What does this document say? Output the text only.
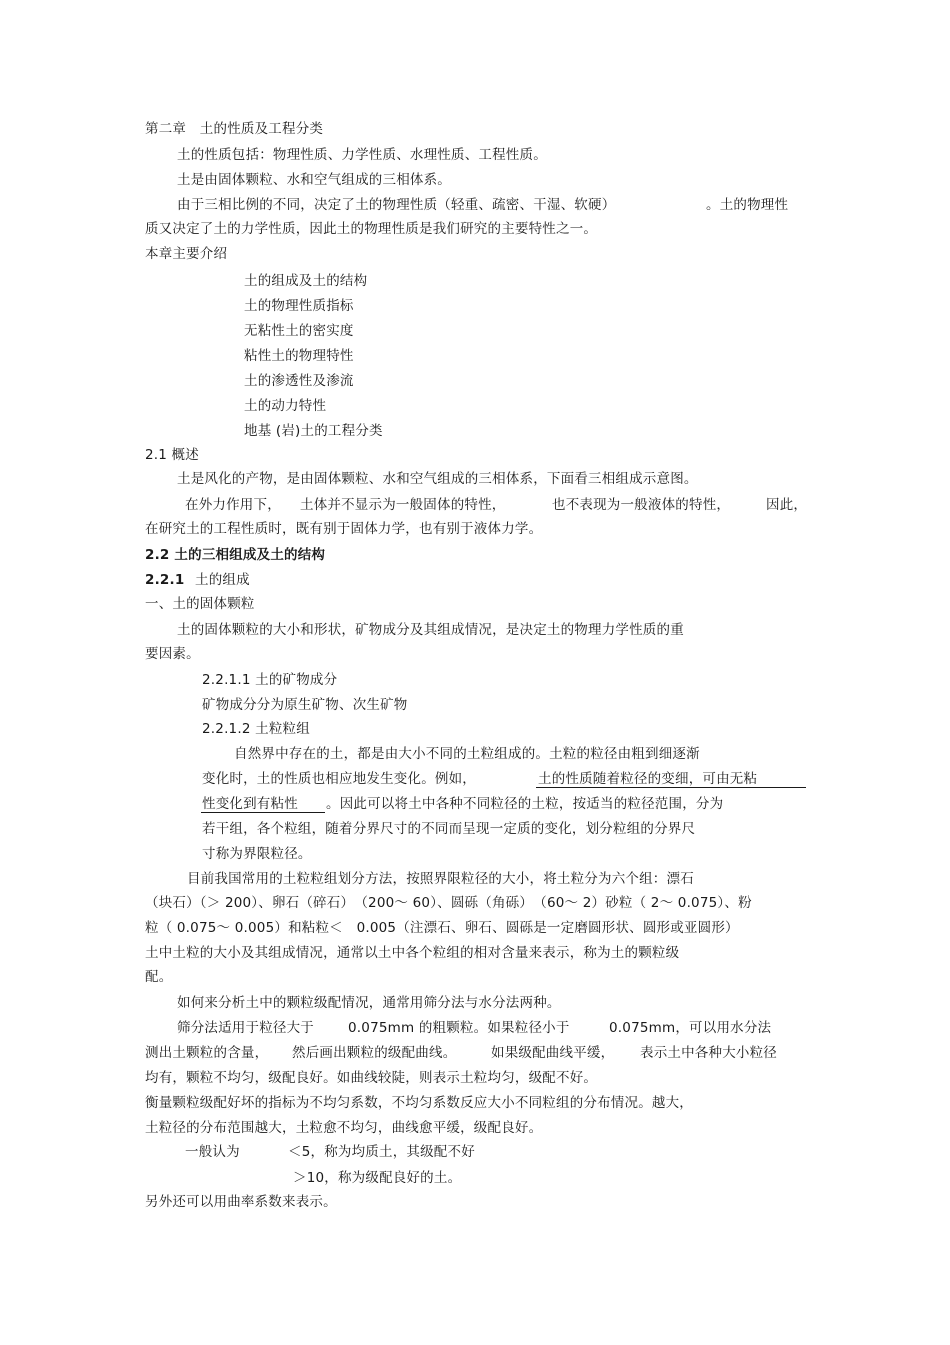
第二章　土的性质及工程分类
土的性质包括：物理性质、力学性质、水理性质、工程性质。
土是由固体颗粒、水和空气组成的三相体系。
由于三相比例的不同，决定了土的物理性质（轻重、疏密、干湿、软硬）	。土的物理性
质又决定了土的力学性质，因此土的物理性质是我们研究的主要特性之一。
本章主要介绍
土的组成及土的结构
土的物理性质指标
无粘性土的密实度
粘性土的物理特性
土的渗透性及渗流
土的动力特性
地基 (岩)土的工程分类
2.1 概述
土是风化的产物，是由固体颗粒、水和空气组成的三相体系，下面看三相组成示意图。
在外力作用下， 土体并不显示为一般固体的特性，	也不表现为一般液体的特性，	因此，
在研究土的工程性质时，既有别于固体力学，也有别于液体力学。
2.2 土的三相组成及土的结构
2.2.1 土的组成
一、土的固体颗粒
土的固体颗粒的大小和形状，矿物成分及其组成情况，是决定土的物理力学性质的重
要因素。
2.2.1.1 土的矿物成分
矿物成分分为原生矿物、次生矿物
2.2.1.2 土粒粒组
自然界中存在的土，都是由大小不同的土粒组成的。土粒的粒径由粗到细逐渐
变化时，土的性质也相应地发生变化。例如，	土的性质随着粒径的变细，可由无粘
性变化到有粘性 。因此可以将土中各种不同粒径的土粒，按适当的粒径范围，分为
若干组，各个粒组，随着分界尺寸的不同而呈现一定质的变化，划分粒组的分界尺
寸称为界限粒径。
目前我国常用的土粒粒组划分方法，按照界限粒径的大小，将土粒分为六个组：漂石
（块石）（＞ 200）、卵石（碎石）　（200～ 60）、圆砾（角砾）　（60～ 2）砂粒（ 2～ 0.075）、粉
粒（ 0.075～ 0.005）和粘粒＜　0.005（注漂石、卵石、圆砾是一定磨圆形状、圆形或亚圆形）
土中土粒的大小及其组成情况，通常以土中各个粒组的相对含量来表示，称为土的颗粒级
配。
如何来分析土中的颗粒级配情况，通常用筛分法与水分法两种。
筛分法适用于粒径大于	0.075mm 的粗颗粒。如果粒径小于	0.075mm，可以用水分法
测出土颗粒的含量， 然后画出颗粒的级配曲线。	如果级配曲线平缓， 表示土中各种大小粒径
均有，颗粒不均匀，级配良好。如曲线较陡，则表示土粒均匀，级配不好。
衡量颗粒级配好坏的指标为不均匀系数，不均匀系数反应大小不同粒组的分布情况。越大，
土粒径的分布范围越大，土粒愈不均匀，曲线愈平缓，级配良好。
一般认为	＜5，称为均质土，其级配不好
＞10，称为级配良好的土。
另外还可以用曲率系数来表示。
